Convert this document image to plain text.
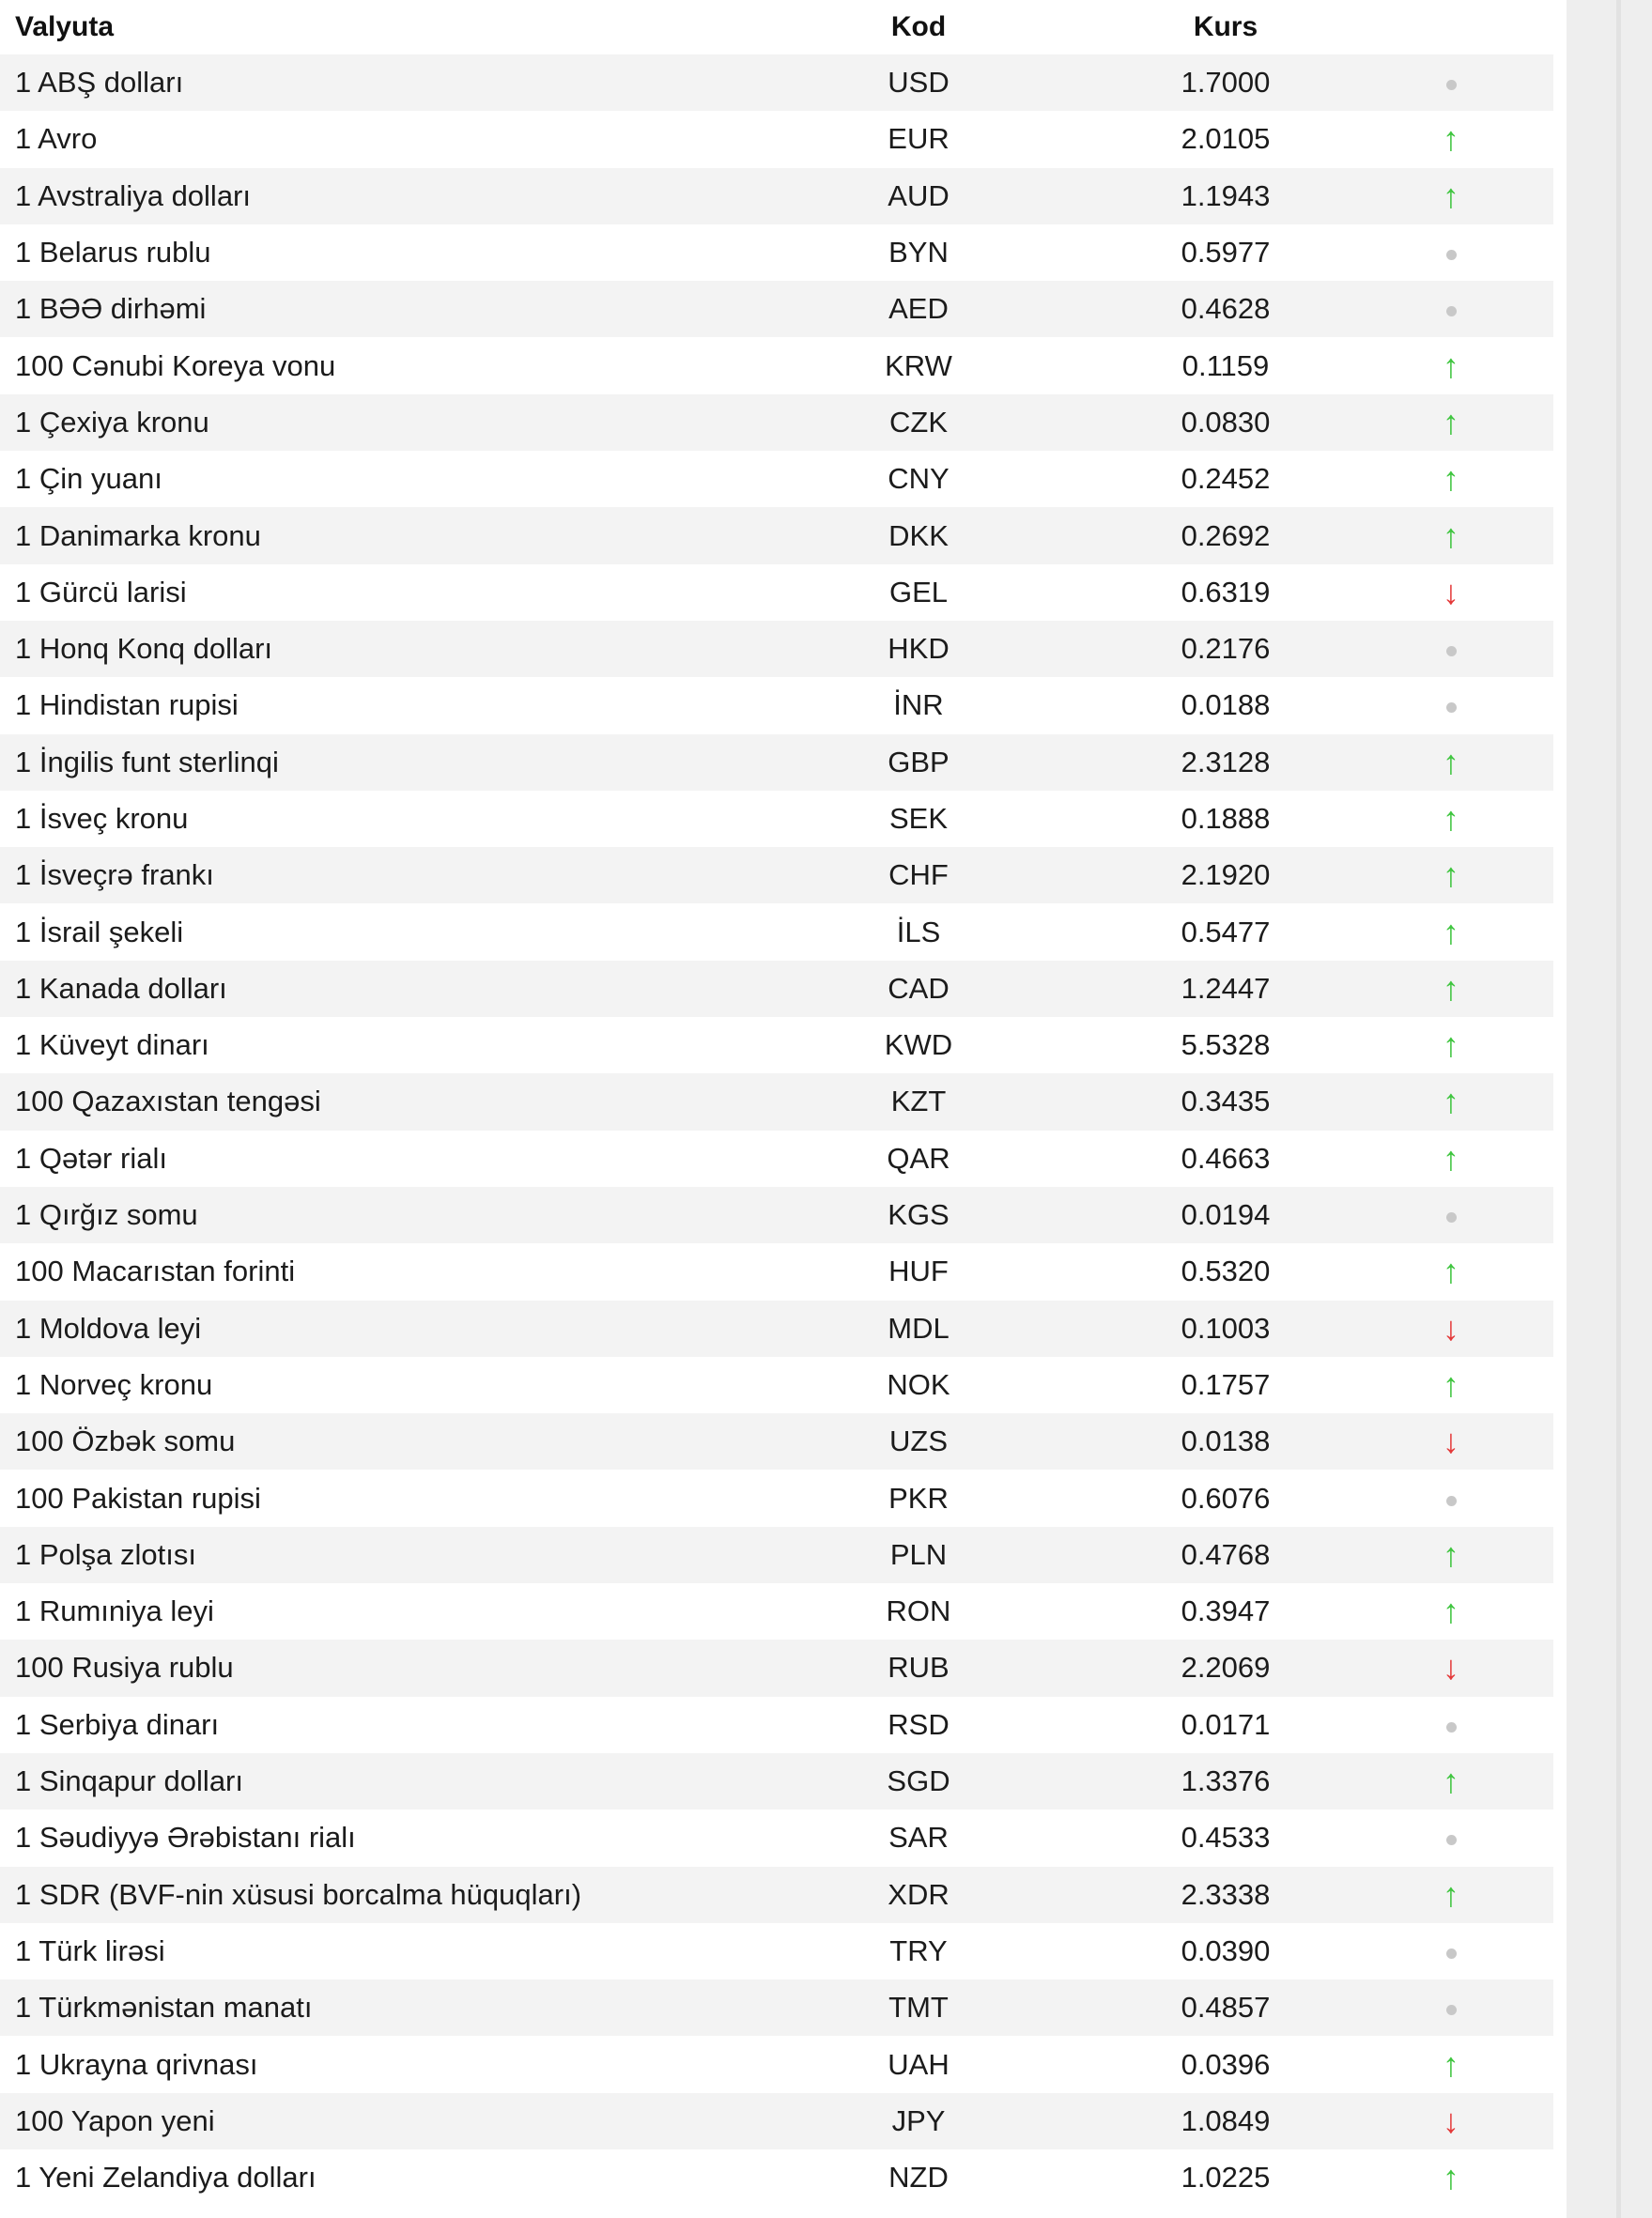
Valyuta	Kod	Kurs
1 ABŞ dolları	USD	1.7000
1 Avro	EUR	2.0105	↑
1 Avstraliya dolları	AUD	1.1943	↑
1 Belarus rublu	BYN	0.5977
1 BƏƏ dirhəmi	AED	0.4628
100 Cənubi Koreya vonu	KRW	0.1159	↑
1 Çexiya kronu	CZK	0.0830	↑
1 Çin yuanı	CNY	0.2452	↑
1 Danimarka kronu	DKK	0.2692	↑
1 Gürcü larisi	GEL	0.6319	↓
1 Honq Konq dolları	HKD	0.2176
1 Hindistan rupisi	İNR	0.0188
1 İngilis funt sterlinqi	GBP	2.3128	↑
1 İsveç kronu	SEK	0.1888	↑
1 İsveçrə frankı	CHF	2.1920	↑
1 İsrail şekeli	İLS	0.5477	↑
1 Kanada dolları	CAD	1.2447	↑
1 Küveyt dinarı	KWD	5.5328	↑
100 Qazaxıstan tengəsi	KZT	0.3435	↑
1 Qətər rialı	QAR	0.4663	↑
1 Qırğız somu	KGS	0.0194
100 Macarıstan forinti	HUF	0.5320	↑
1 Moldova leyi	MDL	0.1003	↓
1 Norveç kronu	NOK	0.1757	↑
100 Özbək somu	UZS	0.0138	↓
100 Pakistan rupisi	PKR	0.6076
1 Polşa zlotısı	PLN	0.4768	↑
1 Rumıniya leyi	RON	0.3947	↑
100 Rusiya rublu	RUB	2.2069	↓
1 Serbiya dinarı	RSD	0.0171
1 Sinqapur dolları	SGD	1.3376	↑
1 Səudiyyə Ərəbistanı rialı	SAR	0.4533
1 SDR (BVF-nin xüsusi borcalma hüquqları)	XDR	2.3338	↑
1 Türk lirəsi	TRY	0.0390
1 Türkmənistan manatı	TMT	0.4857
1 Ukrayna qrivnası	UAH	0.0396	↑
100 Yapon yeni	JPY	1.0849	↓
1 Yeni Zelandiya dolları	NZD	1.0225	↑
